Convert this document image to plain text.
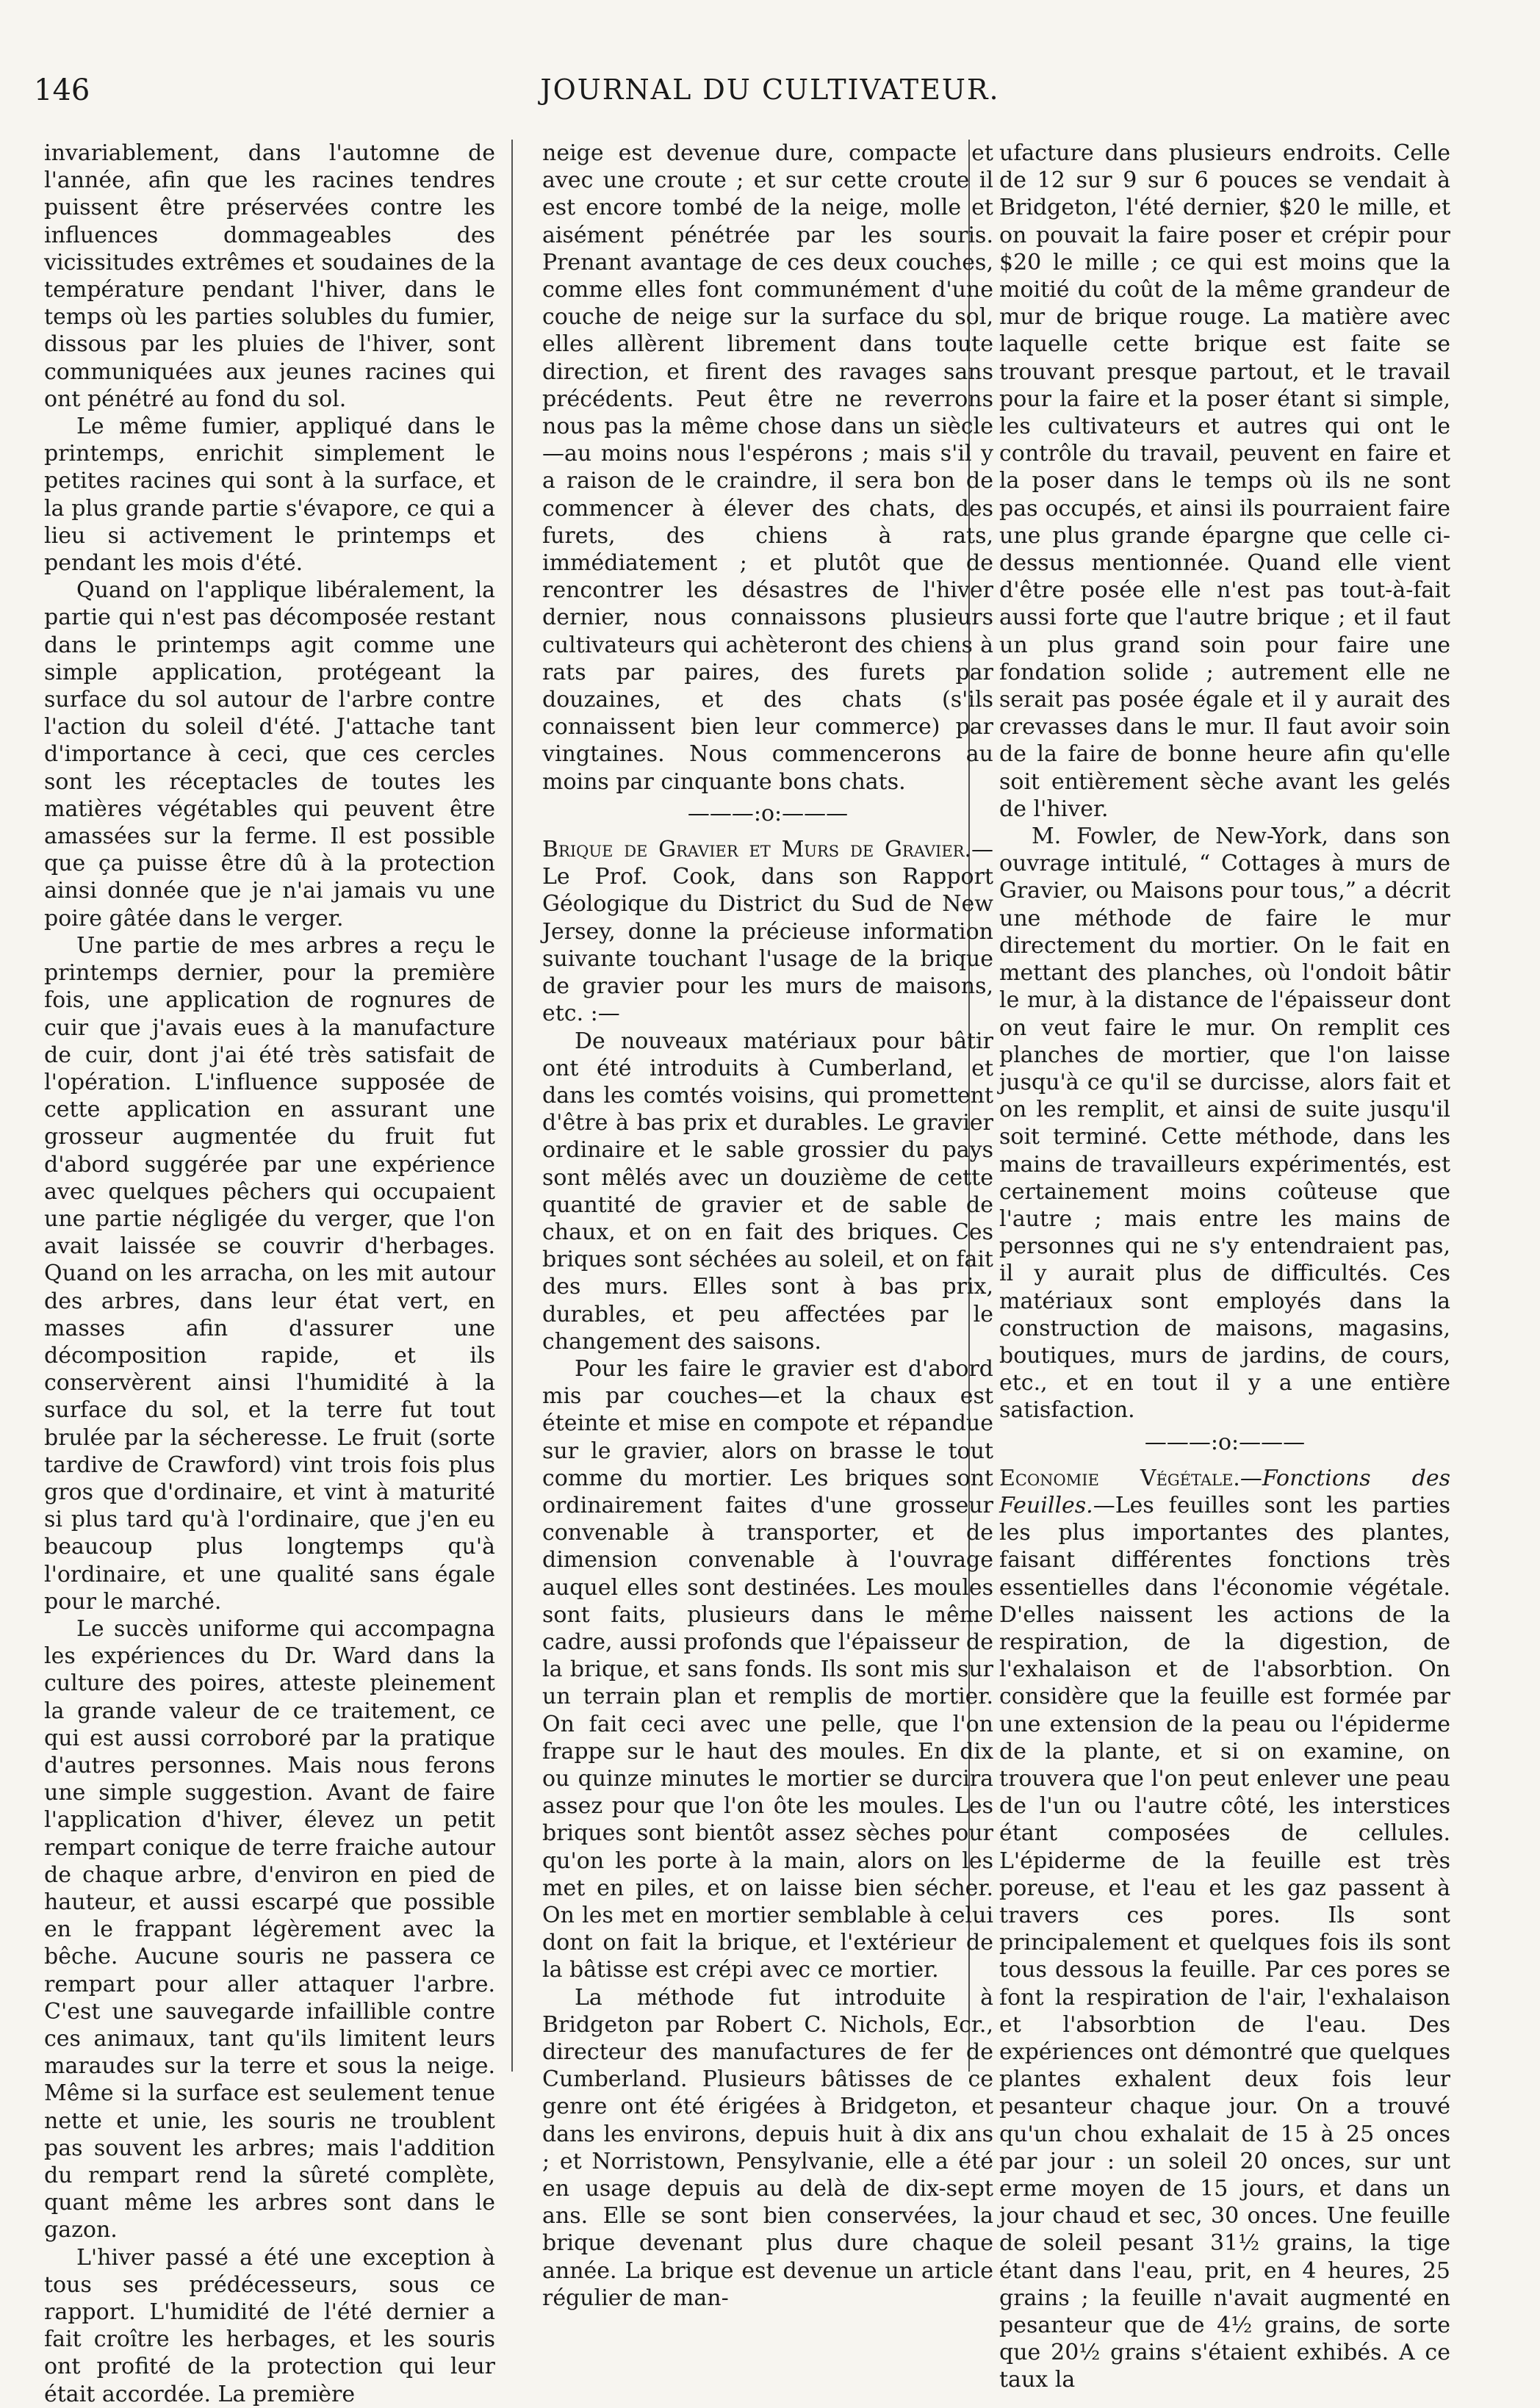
146	JOURNAL DU CULTIVATEUR.

invariablement, dans l'automne de l'année, afin que les racines tendres puissent être préservées contre les influences dommageables des vicissitudes extrêmes et soudaines de la température pendant l'hiver, dans le temps où les parties solubles du fumier, dissous par les pluies de l'hiver, sont communiquées aux jeunes racines qui ont pénétré au fond du sol.

Le même fumier, appliqué dans le printemps, enrichit simplement le petites racines qui sont à la surface, et la plus grande partie s'évapore, ce qui a lieu si activement le printemps et pendant les mois d'été.

Quand on l'applique libéralement, la partie qui n'est pas décomposée restant dans le printemps agit comme une simple application, protégeant la surface du sol autour de l'arbre contre l'action du soleil d'été. J'attache tant d'importance à ceci, que ces cercles sont les réceptacles de toutes les matières végétables qui peuvent être amassées sur la ferme. Il est possible que ça puisse être dû à la protection ainsi donnée que je n'ai jamais vu une poire gâtée dans le verger.

Une partie de mes arbres a reçu le printemps dernier, pour la première fois, une application de rognures de cuir que j'avais eues à la manufacture de cuir, dont j'ai été très satisfait de l'opération. L'influence supposée de cette application en assurant une grosseur augmentée du fruit fut d'abord suggérée par une expérience avec quelques pêchers qui occupaient une partie négligée du verger, que l'on avait laissée se couvrir d'herbages. Quand on les arracha, on les mit autour des arbres, dans leur état vert, en masses afin d'assurer une décomposition rapide, et ils conservèrent ainsi l'humidité à la surface du sol, et la terre fut tout brulée par la sécheresse. Le fruit (sorte tardive de Crawford) vint trois fois plus gros que d'ordinaire, et vint à maturité si plus tard qu'à l'ordinaire, que j'en eu beaucoup plus longtemps qu'à l'ordinaire, et une qualité sans égale pour le marché.

Le succès uniforme qui accompagna les expériences du Dr. Ward dans la culture des poires, atteste pleinement la grande valeur de ce traitement, ce qui est aussi corroboré par la pratique d'autres personnes. Mais nous ferons une simple suggestion. Avant de faire l'application d'hiver, élevez un petit rempart conique de terre fraiche autour de chaque arbre, d'environ en pied de hauteur, et aussi escarpé que possible en le frappant légèrement avec la bêche. Aucune souris ne passera ce rempart pour aller attaquer l'arbre. C'est une sauvegarde infaillible contre ces animaux, tant qu'ils limitent leurs maraudes sur la terre et sous la neige. Même si la surface est seulement tenue nette et unie, les souris ne troublent pas souvent les arbres; mais l'addition du rempart rend la sûreté complète, quant même les arbres sont dans le gazon.

L'hiver passé a été une exception à tous ses prédécesseurs, sous ce rapport. L'humidité de l'été dernier a fait croître les herbages, et les souris ont profité de la protection qui leur était accordée. La première

neige est devenue dure, compacte et avec une croute ; et sur cette croute il est encore tombé de la neige, molle et aisément pénétrée par les souris. Prenant avantage de ces deux couches, comme elles font communément d'une couche de neige sur la surface du sol, elles allèrent librement dans toute direction, et firent des ravages sans précédents. Peut être ne reverrons nous pas la même chose dans un siècle—au moins nous l'espérons ; mais s'il y a raison de le craindre, il sera bon de commencer à élever des chats, des furets, des chiens à rats, immédiatement ; et plutôt que de rencontrer les désastres de l'hiver dernier, nous connaissons plusieurs cultivateurs qui achèteront des chiens à rats par paires, des furets par douzaines, et des chats (s'ils connaissent bien leur commerce) par vingtaines. Nous commencerons au moins par cinquante bons chats.

———:o:———

Brique de Gravier et Murs de Gravier.—Le Prof. Cook, dans son Rapport Géologique du District du Sud de New Jersey, donne la précieuse information suivante touchant l'usage de la brique de gravier pour les murs de maisons, etc. :—

De nouveaux matériaux pour bâtir ont été introduits à Cumberland, et dans les comtés voisins, qui promettent d'être à bas prix et durables. Le gravier ordinaire et le sable grossier du pays sont mêlés avec un douzième de cette quantité de gravier et de sable de chaux, et on en fait des briques. Ces briques sont séchées au soleil, et on fait des murs. Elles sont à bas prix, durables, et peu affectées par le changement des saisons.

Pour les faire le gravier est d'abord mis par couches—et la chaux est éteinte et mise en compote et répandue sur le gravier, alors on brasse le tout comme du mortier. Les briques sont ordinairement faites d'une grosseur convenable à transporter, et de dimension convenable à l'ouvrage auquel elles sont destinées. Les moules sont faits, plusieurs dans le même cadre, aussi profonds que l'épaisseur de la brique, et sans fonds. Ils sont mis sur un terrain plan et remplis de mortier. On fait ceci avec une pelle, que l'on frappe sur le haut des moules. En dix ou quinze minutes le mortier se durcira assez pour que l'on ôte les moules. Les briques sont bientôt assez sèches pour qu'on les porte à la main, alors on les met en piles, et on laisse bien sécher. On les met en mortier semblable à celui dont on fait la brique, et l'extérieur de la bâtisse est crépi avec ce mortier.

La méthode fut introduite à Bridgeton par Robert C. Nichols, Ecr., directeur des manufactures de fer de Cumberland. Plusieurs bâtisses de ce genre ont été érigées à Bridgeton, et dans les environs, depuis huit à dix ans ; et Norristown, Pensylvanie, elle a été en usage depuis au delà de dix-sept ans. Elle se sont bien conservées, la brique devenant plus dure chaque année. La brique est devenue un article régulier de man-

ufacture dans plusieurs endroits. Celle de 12 sur 9 sur 6 pouces se vendait à Bridgeton, l'été dernier, $20 le mille, et on pouvait la faire poser et crépir pour $20 le mille ; ce qui est moins que la moitié du coût de la même grandeur de mur de brique rouge. La matière avec laquelle cette brique est faite se trouvant presque partout, et le travail pour la faire et la poser étant si simple, les cultivateurs et autres qui ont le contrôle du travail, peuvent en faire et la poser dans le temps où ils ne sont pas occupés, et ainsi ils pourraient faire une plus grande épargne que celle ci-dessus mentionnée. Quand elle vient d'être posée elle n'est pas tout-à-fait aussi forte que l'autre brique ; et il faut un plus grand soin pour faire une fondation solide ; autrement elle ne serait pas posée égale et il y aurait des crevasses dans le mur. Il faut avoir soin de la faire de bonne heure afin qu'elle soit entièrement sèche avant les gelés de l'hiver.

M. Fowler, de New-York, dans son ouvrage intitulé, “ Cottages à murs de Gravier, ou Maisons pour tous,” a décrit une méthode de faire le mur directement du mortier. On le fait en mettant des planches, où l'ondoit bâtir le mur, à la distance de l'épaisseur dont on veut faire le mur. On remplit ces planches de mortier, que l'on laisse jusqu'à ce qu'il se durcisse, alors fait et on les remplit, et ainsi de suite jusqu'il soit terminé. Cette méthode, dans les mains de travailleurs expérimentés, est certainement moins coûteuse que l'autre ; mais entre les mains de personnes qui ne s'y entendraient pas, il y aurait plus de difficultés. Ces matériaux sont employés dans la construction de maisons, magasins, boutiques, murs de jardins, de cours, etc., et en tout il y a une entière satisfaction.

———:o:———

Economie Végétale.—Fonctions des Feuilles.—Les feuilles sont les parties les plus importantes des plantes, faisant différentes fonctions très essentielles dans l'économie végétale. D'elles naissent les actions de la respiration, de la digestion, de l'exhalaison et de l'absorbtion. On considère que la feuille est formée par une extension de la peau ou l'épiderme de la plante, et si on examine, on trouvera que l'on peut enlever une peau de l'un ou l'autre côté, les interstices étant composées de cellules. L'épiderme de la feuille est très poreuse, et l'eau et les gaz passent à travers ces pores. Ils sont principalement et quelques fois ils sont tous dessous la feuille. Par ces pores se font la respiration de l'air, l'exhalaison et l'absorbtion de l'eau. Des expériences ont démontré que quelques plantes exhalent deux fois leur pesanteur chaque jour. On a trouvé qu'un chou exhalait de 15 à 25 onces par jour : un soleil 20 onces, sur unt erme moyen de 15 jours, et dans un jour chaud et sec, 30 onces. Une feuille de soleil pesant 31½ grains, la tige étant dans l'eau, prit, en 4 heures, 25 grains ; la feuille n'avait augmenté en pesanteur que de 4½ grains, de sorte que 20½ grains s'étaient exhibés. A ce taux la
